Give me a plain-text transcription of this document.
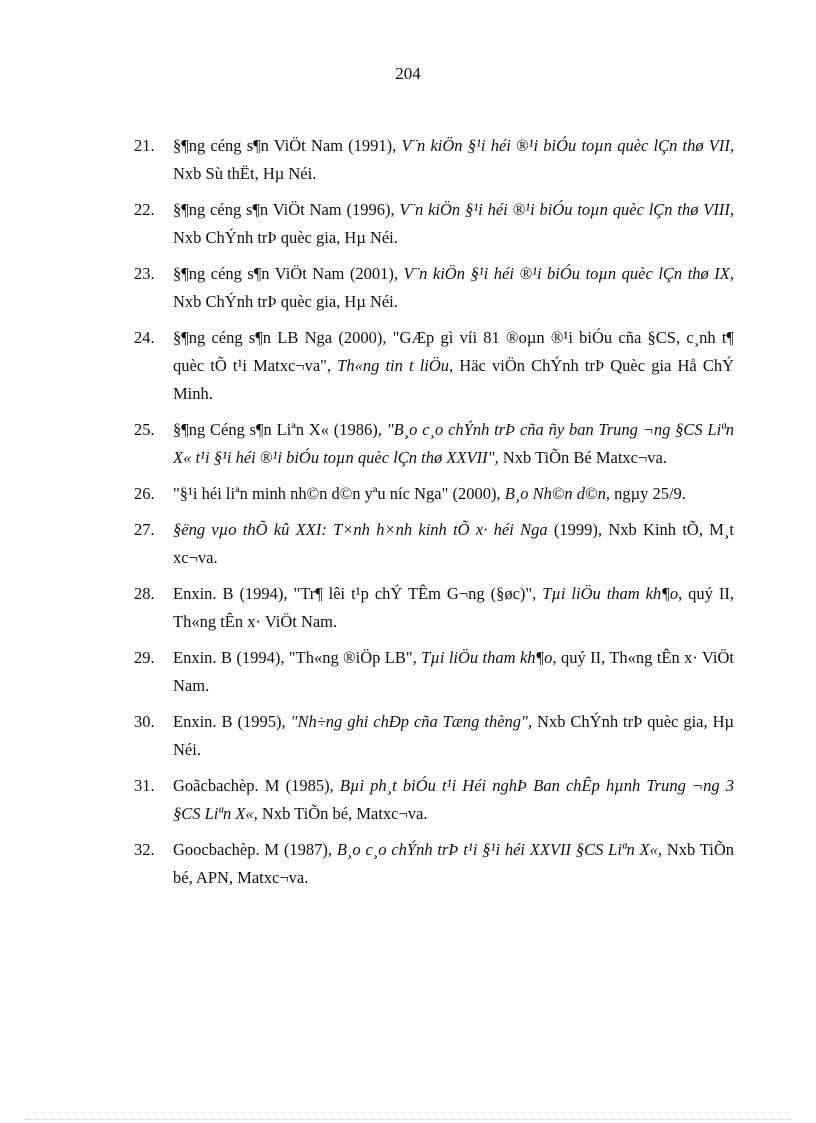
204
21. §¶ng céng s¶n ViÖt Nam (1991), V¨n kiÖn §¹i héi ®¹i biÓu toµn quèc lÇn thø VII, Nxb Sù thËt, Hµ Néi.
22. §¶ng céng s¶n ViÖt Nam (1996), V¨n kiÖn §¹i héi ®¹i biÓu toµn quèc lÇn thø VIII, Nxb ChÝnh trÞ quèc gia, Hµ Néi.
23. §¶ng céng s¶n ViÖt Nam (2001), V¨n kiÖn §¹i héi ®¹i biÓu toµn quèc lÇn thø IX, Nxb ChÝnh trÞ quèc gia, Hµ Néi.
24. §¶ng céng s¶n LB Nga (2000), "GÆp gì víi 81 ®oµn ®¹i biÓu cña §CS, c¸nh t¶ quèc tÕ t¹i Matxc¬va", Th«ng tin t liÖu, Häc viÖn ChÝnh trÞ Quèc gia Hå ChÝ Minh.
25. §¶ng Céng s¶n Liªn X« (1986), "B¸o c¸o chÝnh trÞ cña ñy ban Trung ¬ng §CS Liªn X« t¹i §¹i héi ®¹i biÓu toµn quèc lÇn thø XXVII", Nxb TiÕn Bé Matxc¬va.
26. "§¹i héi liªn minh nh©n d©n yªu níc Nga" (2000), B¸o Nh©n d©n, ngµy 25/9.
27. §ëng vµo thÕ kû XXI: T×nh h×nh kinh tÕ x· héi Nga (1999), Nxb Kinh tÕ, M¸t xc¬va.
28. Enxin. B (1994), "Tr¶ lêi t¹p chÝ TÊm G¬ng (§øc)", Tµi liÖu tham kh¶o, quý II, Th«ng tÊn x· ViÖt Nam.
29. Enxin. B (1994), "Th«ng ®iÖp LB", Tµi liÖu tham kh¶o, quý II, Th«ng tÊn x· ViÖt Nam.
30. Enxin. B (1995), "Nh÷ng ghi chÐp cña Tæng thèng", Nxb ChÝnh trÞ quèc gia, Hµ Néi.
31. Goãcbachèp. M (1985), Bµi ph¸t biÓu t¹i Héi nghÞ Ban chÊp hµnh Trung ¬ng 3 §CS Liªn X«, Nxb TiÕn bé, Matxc¬va.
32. Goocbachèp. M (1987), B¸o c¸o chÝnh trÞ t¹i §¹i héi XXVII §CS Liªn X«, Nxb TiÕn bé, APN, Matxc¬va.
